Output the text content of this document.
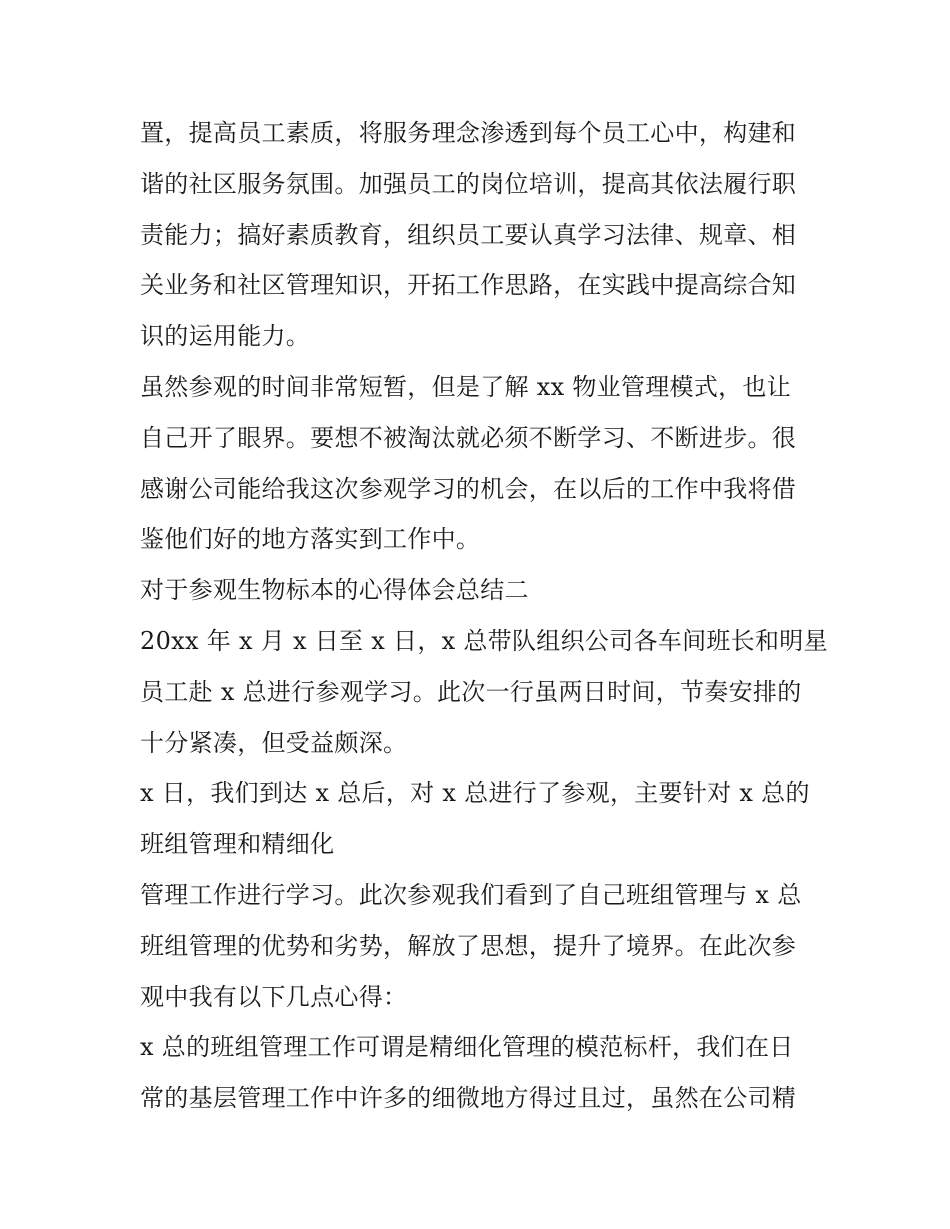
置，提高员工素质，将服务理念渗透到每个员工心中，构建和
谐的社区服务氛围。加强员工的岗位培训，提高其依法履行职
责能力；搞好素质教育，组织员工要认真学习法律、规章、相
关业务和社区管理知识，开拓工作思路，在实践中提高综合知
识的运用能力。
虽然参观的时间非常短暂，但是了解 xx 物业管理模式，也让
自己开了眼界。要想不被淘汰就必须不断学习、不断进步。很
感谢公司能给我这次参观学习的机会，在以后的工作中我将借
鉴他们好的地方落实到工作中。
对于参观生物标本的心得体会总结二
20xx 年 x 月 x 日至 x 日，x 总带队组织公司各车间班长和明星
员工赴 x 总进行参观学习。此次一行虽两日时间，节奏安排的
十分紧凑，但受益颇深。
x 日，我们到达 x 总后，对 x 总进行了参观，主要针对 x 总的
班组管理和精细化
管理工作进行学习。此次参观我们看到了自己班组管理与 x 总
班组管理的优势和劣势，解放了思想，提升了境界。在此次参
观中我有以下几点心得：
x 总的班组管理工作可谓是精细化管理的模范标杆，我们在日
常的基层管理工作中许多的细微地方得过且过，虽然在公司精
